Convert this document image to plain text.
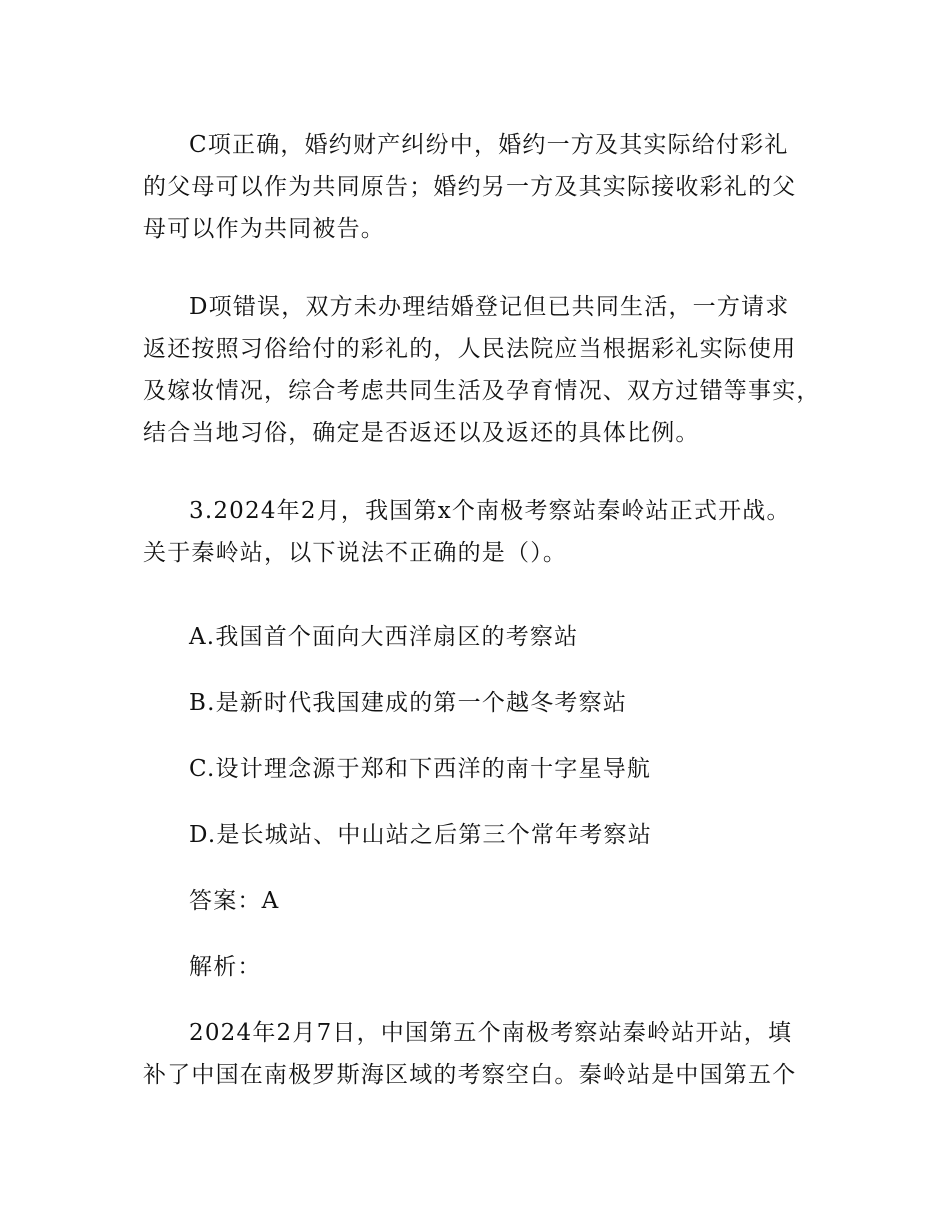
C项正确，婚约财产纠纷中，婚约一方及其实际给付彩礼
的父母可以作为共同原告；婚约另一方及其实际接收彩礼的父
母可以作为共同被告。
D项错误，双方未办理结婚登记但已共同生活，一方请求
返还按照习俗给付的彩礼的，人民法院应当根据彩礼实际使用
及嫁妆情况，综合考虑共同生活及孕育情况、双方过错等事实，
结合当地习俗，确定是否返还以及返还的具体比例。
3.2024年2月，我国第x个南极考察站秦岭站正式开战。
关于秦岭站，以下说法不正确的是（）。

A.我国首个面向大西洋扇区的考察站

B.是新时代我国建成的第一个越冬考察站

C.设计理念源于郑和下西洋的南十字星导航

D.是长城站、中山站之后第三个常年考察站

答案：A

解析：

2024年2月7日，中国第五个南极考察站秦岭站开站，填
补了中国在南极罗斯海区域的考察空白。秦岭站是中国第五个
